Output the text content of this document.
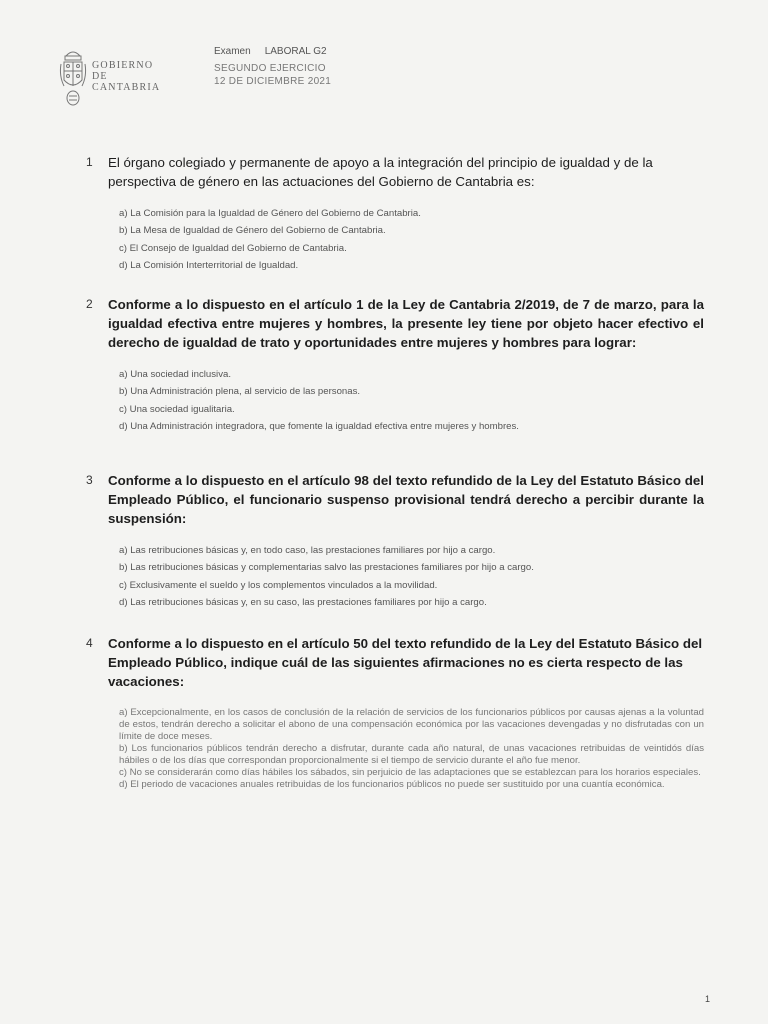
GOBIERNO
DE
CANTABRIA
Examen LABORAL G2
SEGUNDO EJERCICIO
12 DE DICIEMBRE 2021
1 El órgano colegiado y permanente de apoyo a la integración del principio de igualdad y de la perspectiva de género en las actuaciones del Gobierno de Cantabria es:
a) La Comisión para la Igualdad de Género del Gobierno de Cantabria.
b) La Mesa de Igualdad de Género del Gobierno de Cantabria.
c) El Consejo de Igualdad del Gobierno de Cantabria.
d) La Comisión Interterritorial de Igualdad.
2 Conforme a lo dispuesto en el artículo 1 de la Ley de Cantabria 2/2019, de 7 de marzo, para la igualdad efectiva entre mujeres y hombres, la presente ley tiene por objeto hacer efectivo el derecho de igualdad de trato y oportunidades entre mujeres y hombres para lograr:
a) Una sociedad inclusiva.
b) Una Administración plena, al servicio de las personas.
c) Una sociedad igualitaria.
d) Una Administración integradora, que fomente la igualdad efectiva entre mujeres y hombres.
3 Conforme a lo dispuesto en el artículo 98 del texto refundido de la Ley del Estatuto Básico del Empleado Público, el funcionario suspenso provisional tendrá derecho a percibir durante la suspensión:
a) Las retribuciones básicas y, en todo caso, las prestaciones familiares por hijo a cargo.
b) Las retribuciones básicas y complementarias salvo las prestaciones familiares por hijo a cargo.
c) Exclusivamente el sueldo y los complementos vinculados a la movilidad.
d) Las retribuciones básicas y, en su caso, las prestaciones familiares por hijo a cargo.
4 Conforme a lo dispuesto en el artículo 50 del texto refundido de la Ley del Estatuto Básico del Empleado Público, indique cuál de las siguientes afirmaciones no es cierta respecto de las vacaciones:
a) Excepcionalmente, en los casos de conclusión de la relación de servicios de los funcionarios públicos por causas ajenas a la voluntad de estos, tendrán derecho a solicitar el abono de una compensación económica por las vacaciones devengadas y no disfrutadas con un límite de doce meses.
b) Los funcionarios públicos tendrán derecho a disfrutar, durante cada año natural, de unas vacaciones retribuidas de veintidós días hábiles o de los días que correspondan proporcionalmente si el tiempo de servicio durante el año fue menor.
c) No se considerarán como días hábiles los sábados, sin perjuicio de las adaptaciones que se establezcan para los horarios especiales.
d) El periodo de vacaciones anuales retribuidas de los funcionarios públicos no puede ser sustituido por una cuantía económica.
1
